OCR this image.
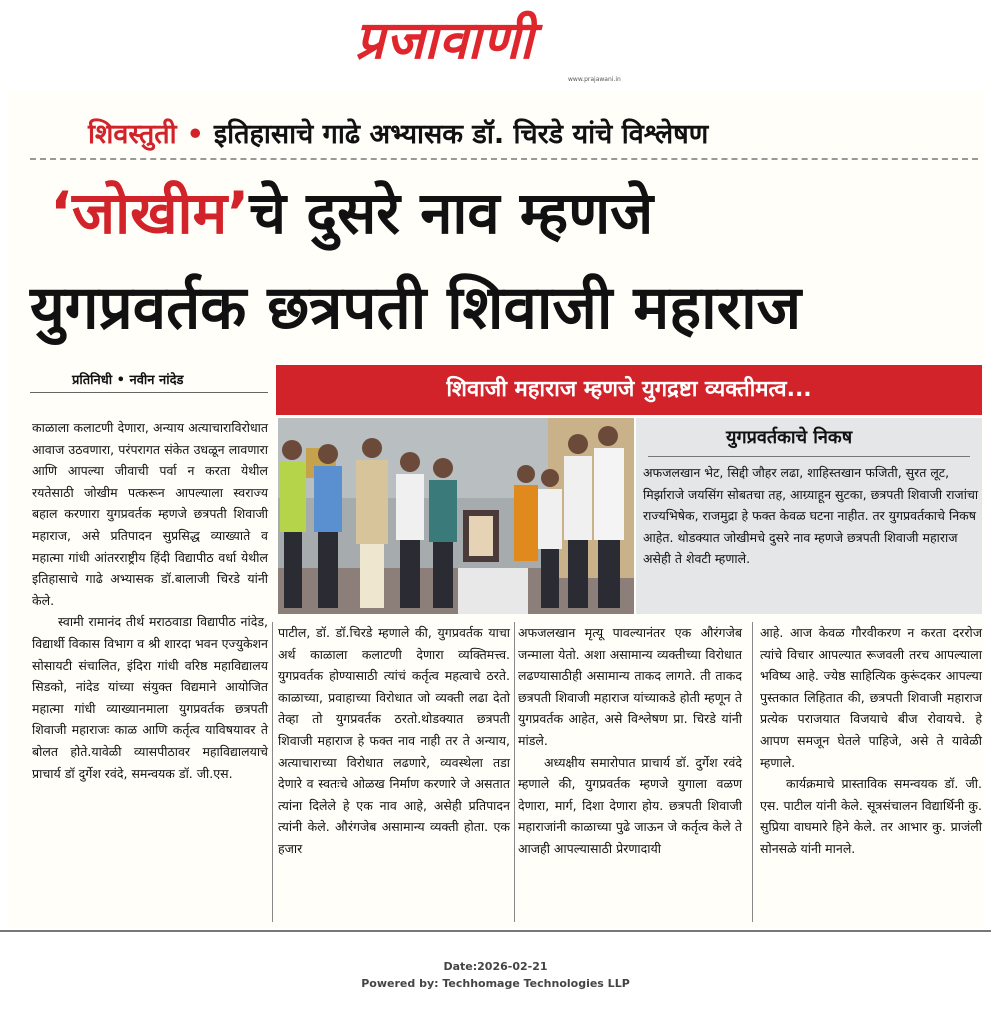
प्रजावाणी
www.prajawani.in
शिवस्तुती • इतिहासाचे गाढे अभ्यासक डॉ. चिरडे यांचे विश्लेषण
‘जोखीम’चे दुसरे नाव म्हणजे
युगप्रवर्तक छत्रपती शिवाजी महाराज
प्रतिनिधी • नवीन नांदेड	शिवाजी महाराज म्हणजे युगद्रष्टा व्यक्तीमत्व...
युगप्रवर्तकाचे निकष
अफजलखान भेट, सिद्दी जौहर लढा, शाहिस्तखान फजिती, सुरत लूट, मिर्झाराजे जयसिंग सोबतचा तह, आग्र्याहून सुटका, छत्रपती शिवाजी राजांचा राज्यभिषेक, राजमुद्रा हे फक्त केवळ घटना नाहीत. तर युगप्रवर्तकाचे निकष आहेत. थोडक्यात जोखीमचे दुसरे नाव म्हणजे छत्रपती शिवाजी महाराज असेही ते शेवटी म्हणाले.

काळाला कलाटणी देणारा, अन्याय अत्याचाराविरोधात आवाज उठवणारा, परंपरागत संकेत उधळून लावणारा आणि आपल्या जीवाची पर्वा न करता येथील रयतेसाठी जोखीम पत्करून आपल्याला स्वराज्य बहाल करणारा युगप्रवर्तक म्हणजे छत्रपती शिवाजी महाराज, असे प्रतिपादन सुप्रसिद्ध व्याख्याते व महात्मा गांधी आंतरराष्ट्रीय हिंदी विद्यापीठ वर्धा येथील इतिहासाचे गाढे अभ्यासक डॉ.बालाजी चिरडे यांनी केले.

स्वामी रामानंद तीर्थ मराठवाडा विद्यापीठ नांदेड, विद्यार्थी विकास विभाग व श्री शारदा भवन एज्युकेशन सोसायटी संचालित, इंदिरा गांधी वरिष्ठ महाविद्यालय सिडको, नांदेड यांच्या संयुक्त विद्यमाने आयोजित महात्मा गांधी व्याख्यानमाला युगप्रवर्तक छत्रपती शिवाजी महाराजः काळ आणि कर्तृत्व याविषयावर ते बोलत होते.यावेळी व्यासपीठावर महाविद्यालयाचे प्राचार्य डॉ दुर्गेश रवंदे, समन्वयक डॉ. जी.एस.

पाटील, डॉ. डॉ.चिरडे म्हणाले की, युगप्रवर्तक याचा अर्थ काळाला कलाटणी देणारा व्यक्तिमत्त्व. युगप्रवर्तक होण्यासाठी त्यांचं कर्तृत्व महत्वाचे ठरते. काळाच्या, प्रवाहाच्या विरोधात जो व्यक्ती लढा देतो तेव्हा तो युगप्रवर्तक ठरतो.थोडक्यात छत्रपती शिवाजी महाराज हे फक्त नाव नाही तर ते अन्याय, अत्याचाराच्या विरोधात लढणारे, व्यवस्थेला तडा देणारे व स्वतःचे ओळख निर्माण करणारे जे असतात त्यांना दिलेले हे एक नाव आहे, असेही प्रतिपादन त्यांनी केले. औरंगजेब असामान्य व्यक्ती होता. एक हजार

अफजलखान मृत्यू पावल्यानंतर एक औरंगजेब जन्माला येतो. अशा असामान्य व्यक्तीच्या विरोधात लढण्यासाठीही असामान्य ताकद लागते. ती ताकद छत्रपती शिवाजी महाराज यांच्याकडे होती म्हणून ते युगप्रवर्तक आहेत, असे विश्लेषण प्रा. चिरडे यांनी मांडले.

अध्यक्षीय समारोपात प्राचार्य डॉ. दुर्गेश रवंदे म्हणाले की, युगप्रवर्तक म्हणजे युगाला वळण देणारा, मार्ग, दिशा देणारा होय. छत्रपती शिवाजी महाराजांनी काळाच्या पुढे जाऊन जे कर्तृत्व केले ते आजही आपल्यासाठी प्रेरणादायी

आहे. आज केवळ गौरवीकरण न करता दररोज त्यांचे विचार आपल्यात रूजवली तरच आपल्याला भविष्य आहे. ज्येष्ठ साहित्यिक कुरूंदकर आपल्या पुस्तकात लिहितात की, छत्रपती शिवाजी महाराज प्रत्येक पराजयात विजयाचे बीज रोवायचे. हे आपण समजून घेतले पाहिजे, असे ते यावेळी म्हणाले.

कार्यक्रमाचे प्रास्ताविक समन्वयक डॉ. जी. एस. पाटील यांनी केले. सूत्रसंचालन विद्यार्थिनी कु. सुप्रिया वाघमारे हिने केले. तर आभार कु. प्राजंली सोनसळे यांनी मानले.

Date:2026-02-21
Powered by: Techhomage Technologies LLP
